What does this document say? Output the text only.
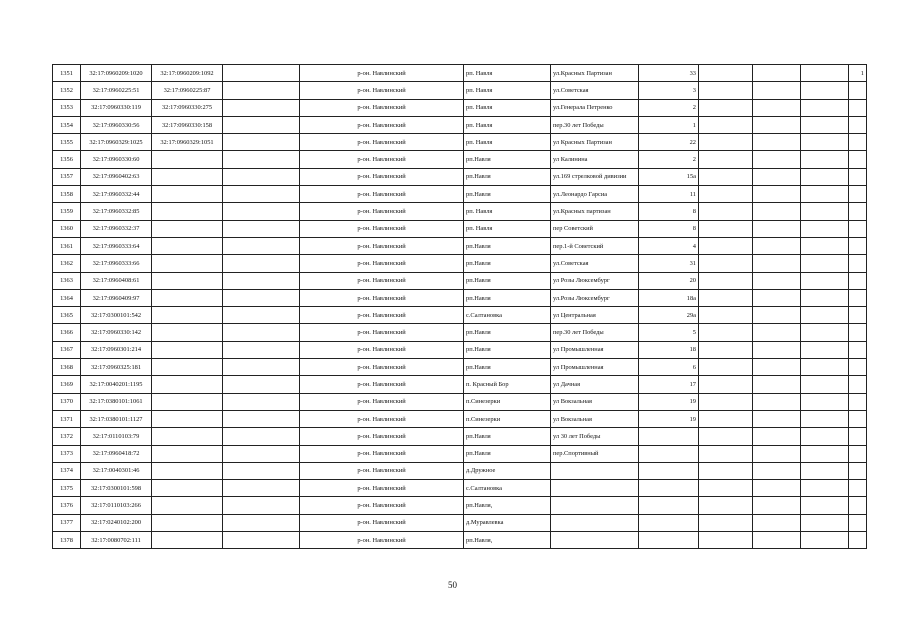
1351	32:17:0960209:1020	32:17:0960209:1092		р-он. Навлинский	рп. Навля	ул.Красных Партизан	33				1
1352	32:17:0960225:51	32:17:0960225:87		р-он. Навлинский	рп. Навля	ул.Советская	3				
1353	32:17:0960330:119	32:17:0960330:275		р-он. Навлинский	рп. Навля	ул.Генерала Петренко	2				
1354	32:17:0960330:56	32:17:0960330:158		р-он. Навлинский	рп. Навля	пер.30 лет Победы	1				
1355	32:17:0960329:1025	32:17:0960329:1051		р-он. Навлинский	рп. Навля	ул Красных Партизан	22				
1356	32:17:0960330:60			р-он. Навлинский	рп.Навля	ул Калинина	2				
1357	32:17:0960402:63			р-он. Навлинский	рп.Навля	ул.169 стрелковой дивизии	15а				
1358	32:17:0960332:44			р-он. Навлинский	рп.Навля	ул.Леонардо Гарсиа	11				
1359	32:17:0960332:85			р-он. Навлинский	рп. Навля	ул.Красных партизан	8				
1360	32:17:0960332:37			р-он. Навлинский	рп. Навля	пер Советский	8				
1361	32:17:0960333:64			р-он. Навлинский	рп.Навля	пер.1-й Советский	4				
1362	32:17:0960333:66			р-он. Навлинский	рп.Навля	ул.Советская	31				
1363	32:17:0960408:61			р-он. Навлинский	рп.Навля	ул Розы Люксембург	20				
1364	32:17:0960409:97			р-он. Навлинский	рп.Навля	ул.Розы Люксембург	18а				
1365	32:17:0300101:542			р-он. Навлинский	с.Салтановка	ул Центральная	29а				
1366	32:17:0960330:142			р-он. Навлинский	рп.Навля	пер.30 лет Победы	5				
1367	32:17:0960301:214			р-он. Навлинский	рп.Навля	ул Промышленная	18				
1368	32:17:0960325:181			р-он. Навлинский	рп.Навля	ул Промышленная	6				
1369	32:17:0040201:1195			р-он. Навлинский	п. Красный Бор	ул Дачная	17				
1370	32:17:0380101:1061			р-он. Навлинский	п.Синезерки	ул Вокзальная	19				
1371	32:17:0380101:1127			р-он. Навлинский	п.Синезерки	ул Вокзальная	19				
1372	32:17:0110103:79			р-он. Навлинский	рп.Навля	ул 30 лет Победы					
1373	32:17:0960418:72			р-он. Навлинский	рп.Навля	пер.Спортивный					
1374	32:17:0040301:46			р-он. Навлинский	д.Дружное						
1375	32:17:0300101:598			р-он. Навлинский	с.Салтановка						
1376	32:17:0110103:266			р-он. Навлинский	рп.Навля,						
1377	32:17:0240102:200			р-он. Навлинский	д.Муравлевка						
1378	32:17:0080702:111			р-он. Навлинский	рп.Навля,						
50
